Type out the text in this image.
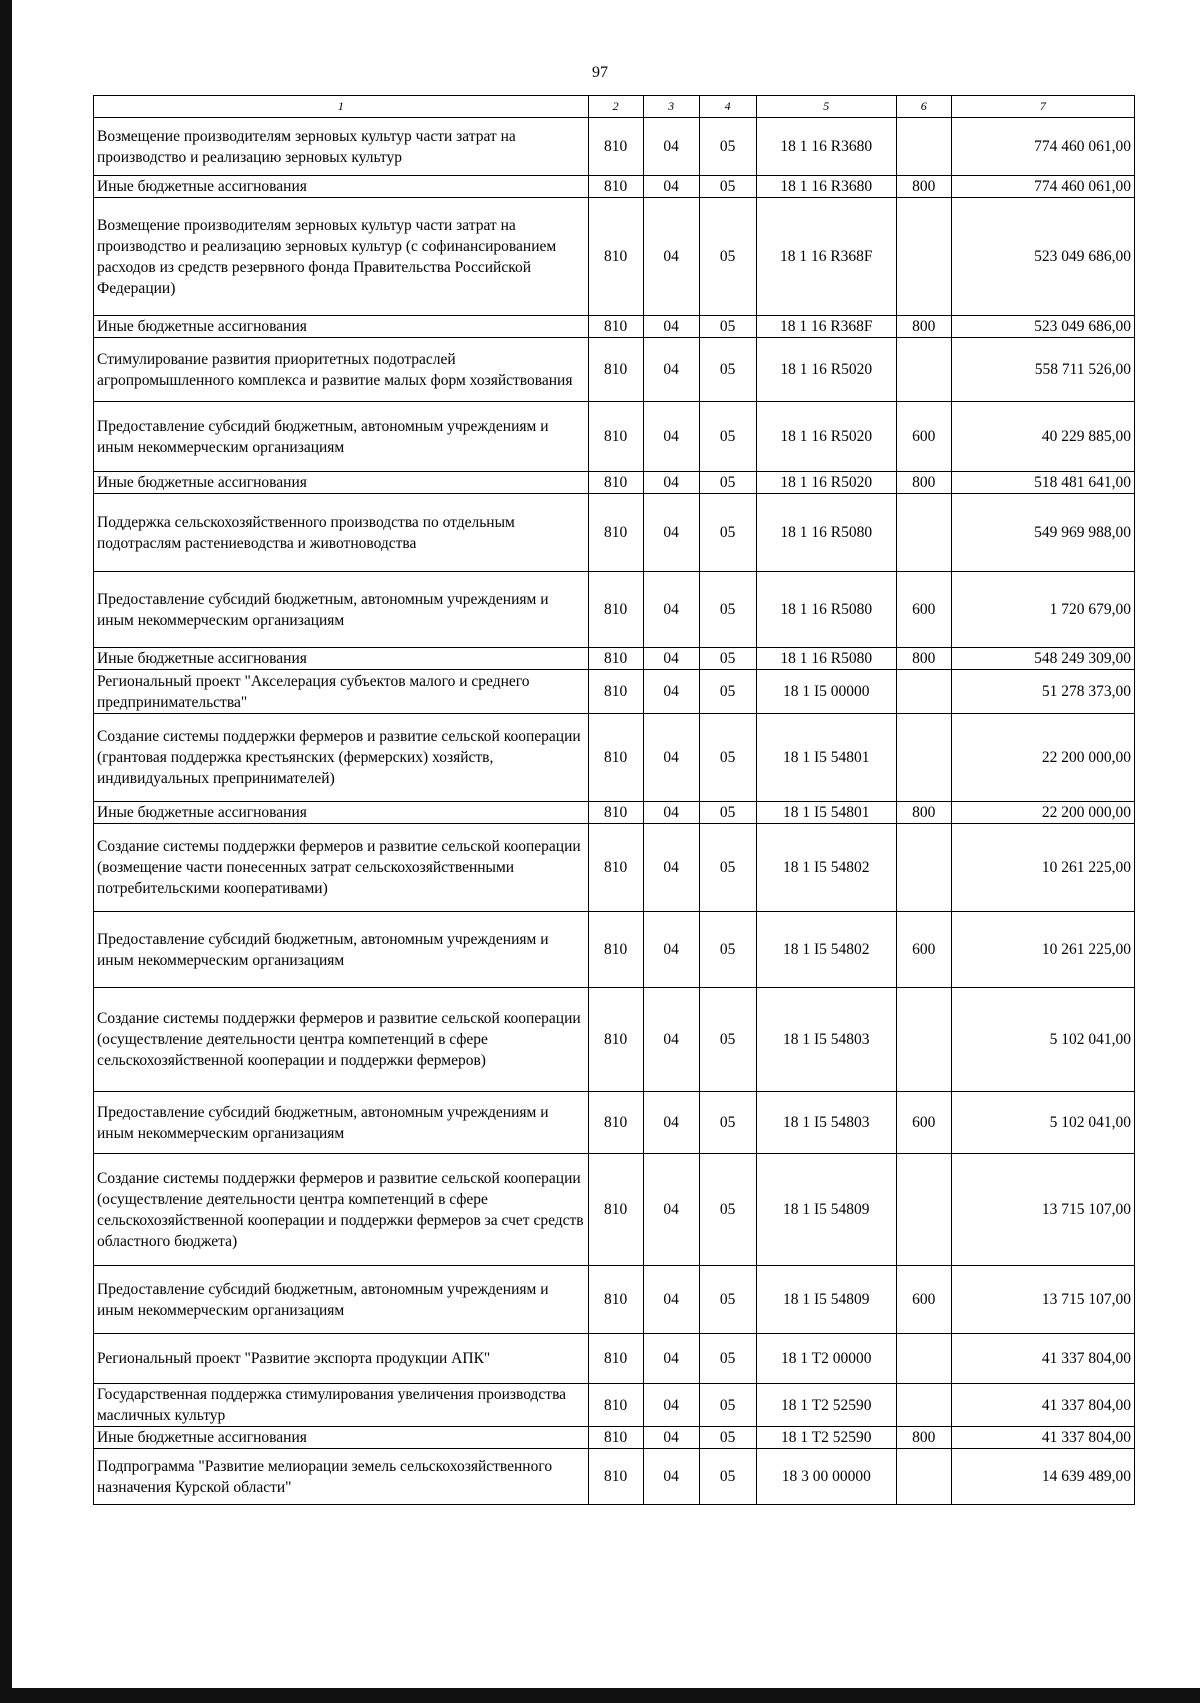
97
1	2	3	4	5	6	7
Возмещение производителям зерновых культур части затрат на производство и реализацию зерновых культур	810	04	05	18 1 16 R3680		774 460 061,00
Иные бюджетные ассигнования	810	04	05	18 1 16 R3680	800	774 460 061,00
Возмещение производителям зерновых культур части затрат на производство и реализацию зерновых культур (с софинансированием расходов из средств резервного фонда Правительства Российской Федерации)	810	04	05	18 1 16 R368F		523 049 686,00
Иные бюджетные ассигнования	810	04	05	18 1 16 R368F	800	523 049 686,00
Стимулирование развития приоритетных подотраслей агропромышленного комплекса и развитие малых форм хозяйствования	810	04	05	18 1 16 R5020		558 711 526,00
Предоставление субсидий бюджетным, автономным учреждениям и иным некоммерческим организациям	810	04	05	18 1 16 R5020	600	40 229 885,00
Иные бюджетные ассигнования	810	04	05	18 1 16 R5020	800	518 481 641,00
Поддержка сельскохозяйственного производства по отдельным подотраслям растениеводства и животноводства	810	04	05	18 1 16 R5080		549 969 988,00
Предоставление субсидий бюджетным, автономным учреждениям и иным некоммерческим организациям	810	04	05	18 1 16 R5080	600	1 720 679,00
Иные бюджетные ассигнования	810	04	05	18 1 16 R5080	800	548 249 309,00
Региональный проект "Акселерация субъектов малого и среднего предпринимательства"	810	04	05	18 1 I5 00000		51 278 373,00
Создание системы поддержки фермеров и развитие сельской кооперации (грантовая поддержка крестьянских (фермерских) хозяйств, индивидуальных препринимателей)	810	04	05	18 1 I5 54801		22 200 000,00
Иные бюджетные ассигнования	810	04	05	18 1 I5 54801	800	22 200 000,00
Создание системы поддержки фермеров и развитие сельской кооперации (возмещение части понесенных затрат сельскохозяйственными потребительскими кооперативами)	810	04	05	18 1 I5 54802		10 261 225,00
Предоставление субсидий бюджетным, автономным учреждениям и иным некоммерческим организациям	810	04	05	18 1 I5 54802	600	10 261 225,00
Создание системы поддержки фермеров и развитие сельской кооперации (осуществление деятельности центра компетенций в сфере сельскохозяйственной кооперации и поддержки фермеров)	810	04	05	18 1 I5 54803		5 102 041,00
Предоставление субсидий бюджетным, автономным учреждениям и иным некоммерческим организациям	810	04	05	18 1 I5 54803	600	5 102 041,00
Создание системы поддержки фермеров и развитие сельской кооперации (осуществление деятельности центра компетенций в сфере сельскохозяйственной кооперации и поддержки фермеров за счет средств областного бюджета)	810	04	05	18 1 I5 54809		13 715 107,00
Предоставление субсидий бюджетным, автономным учреждениям и иным некоммерческим организациям	810	04	05	18 1 I5 54809	600	13 715 107,00
Региональный проект "Развитие экспорта продукции АПК"	810	04	05	18 1 T2 00000		41 337 804,00
Государственная поддержка стимулирования увеличения производства масличных культур	810	04	05	18 1 T2 52590		41 337 804,00
Иные бюджетные ассигнования	810	04	05	18 1 T2 52590	800	41 337 804,00
Подпрограмма "Развитие мелиорации земель сельскохозяйственного назначения Курской области"	810	04	05	18 3 00 00000		14 639 489,00
